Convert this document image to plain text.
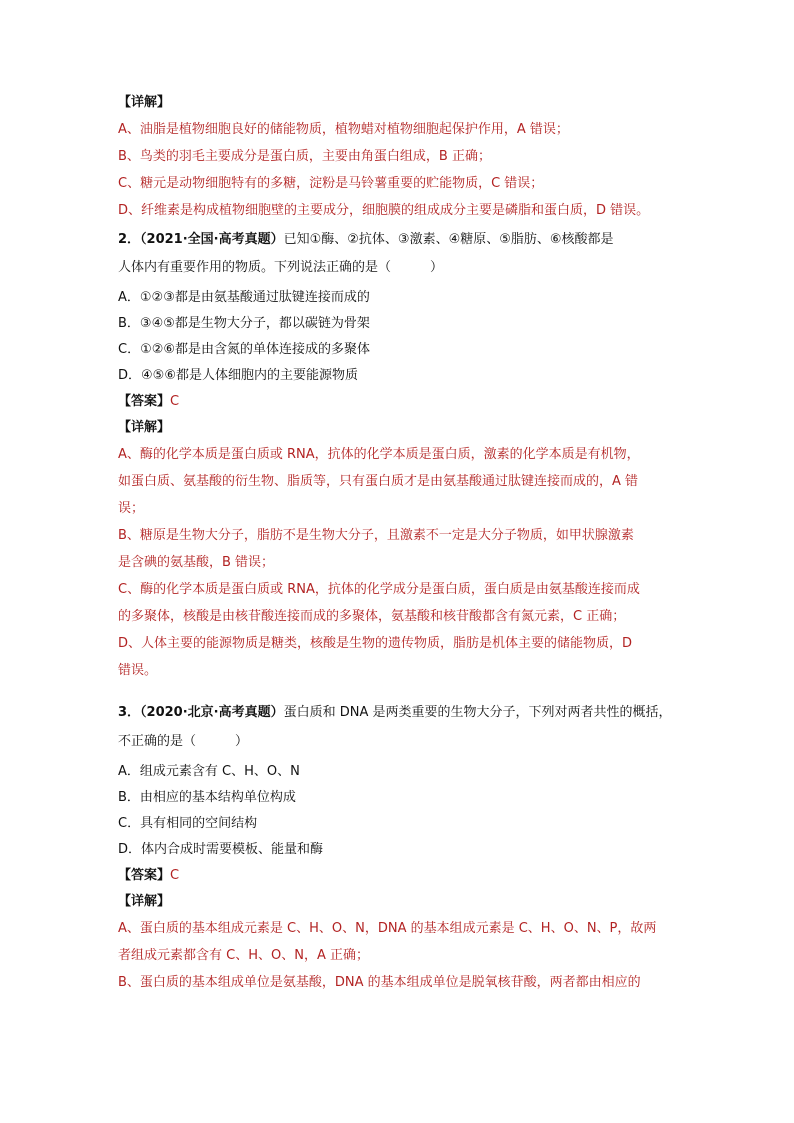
【详解】
A、油脂是植物细胞良好的储能物质，植物蜡对植物细胞起保护作用，A 错误；
B、鸟类的羽毛主要成分是蛋白质，主要由角蛋白组成，B 正确；
C、糖元是动物细胞特有的多糖，淀粉是马铃薯重要的贮能物质，C 错误；
D、纤维素是构成植物细胞壁的主要成分，细胞膜的组成成分主要是磷脂和蛋白质，D 错误。
2．（2021·全国·高考真题）已知①酶、②抗体、③激素、④糖原、⑤脂肪、⑥核酸都是
人体内有重要作用的物质。下列说法正确的是（　　　）
A．①②③都是由氨基酸通过肽键连接而成的
B．③④⑤都是生物大分子，都以碳链为骨架
C．①②⑥都是由含氮的单体连接成的多聚体
D．④⑤⑥都是人体细胞内的主要能源物质
【答案】C
【详解】
A、酶的化学本质是蛋白质或 RNA，抗体的化学本质是蛋白质，激素的化学本质是有机物，
如蛋白质、氨基酸的衍生物、脂质等，只有蛋白质才是由氨基酸通过肽键连接而成的，A 错
误；
B、糖原是生物大分子，脂肪不是生物大分子，且激素不一定是大分子物质，如甲状腺激素
是含碘的氨基酸，B 错误；
C、酶的化学本质是蛋白质或 RNA，抗体的化学成分是蛋白质，蛋白质是由氨基酸连接而成
的多聚体，核酸是由核苷酸连接而成的多聚体，氨基酸和核苷酸都含有氮元素，C 正确；
D、人体主要的能源物质是糖类，核酸是生物的遗传物质，脂肪是机体主要的储能物质，D
错误。
3．（2020·北京·高考真题）蛋白质和 DNA 是两类重要的生物大分子，下列对两者共性的概括，
不正确的是（　　　）
A．组成元素含有 C、H、O、N
B．由相应的基本结构单位构成
C．具有相同的空间结构
D．体内合成时需要模板、能量和酶
【答案】C
【详解】
A、蛋白质的基本组成元素是 C、H、O、N，DNA 的基本组成元素是 C、H、O、N、P，故两
者组成元素都含有 C、H、O、N，A 正确；
B、蛋白质的基本组成单位是氨基酸，DNA 的基本组成单位是脱氧核苷酸，两者都由相应的
